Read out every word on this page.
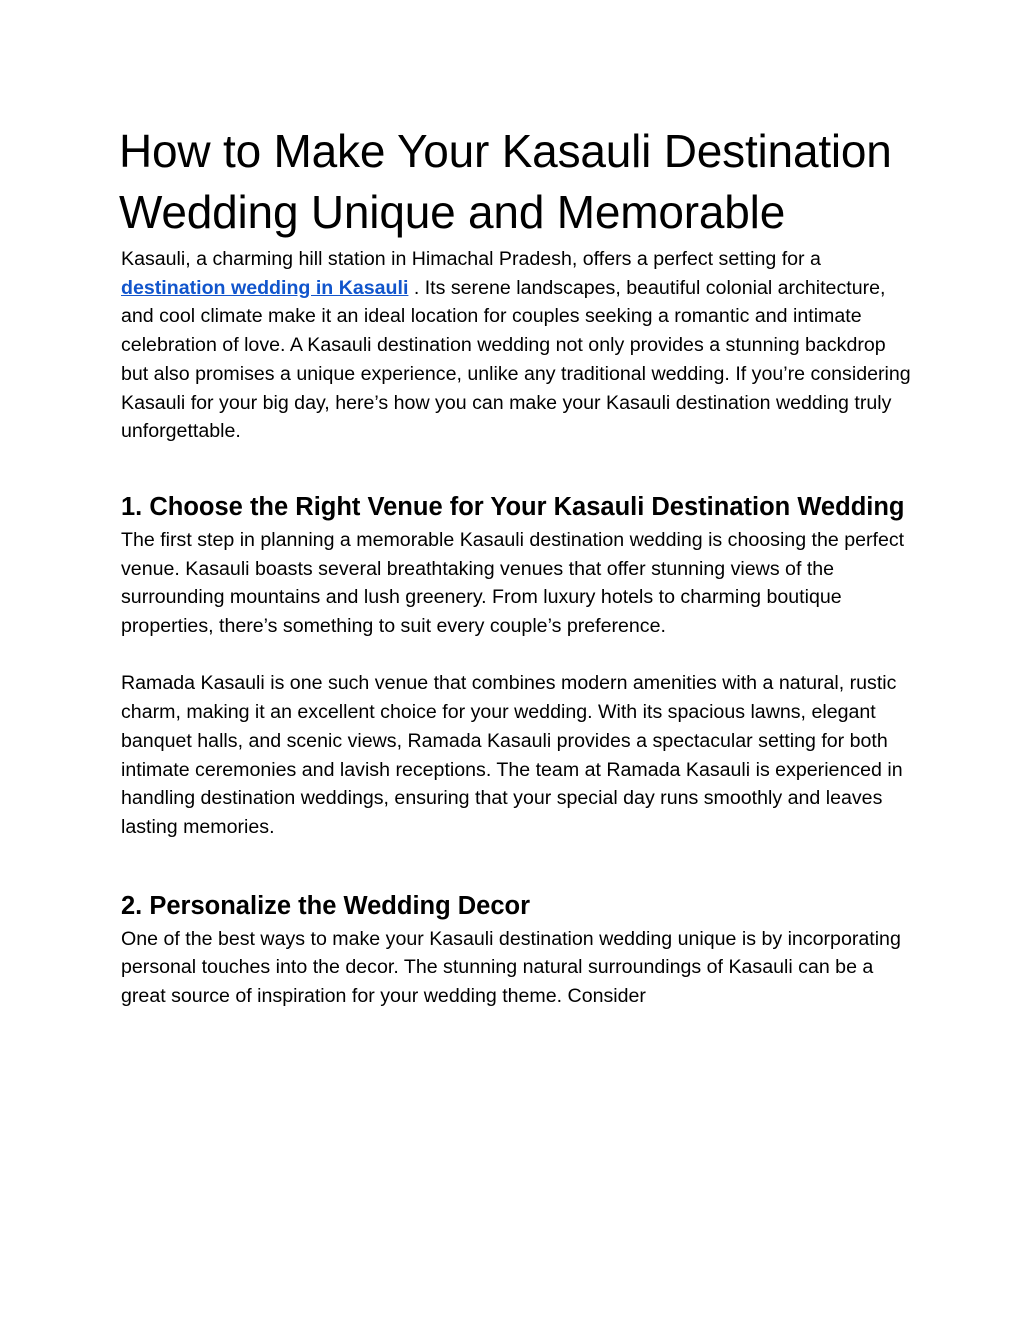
How to Make Your Kasauli Destination Wedding Unique and Memorable

Kasauli, a charming hill station in Himachal Pradesh, offers a perfect setting for a destination wedding in Kasauli . Its serene landscapes, beautiful colonial architecture, and cool climate make it an ideal location for couples seeking a romantic and intimate celebration of love. A Kasauli destination wedding not only provides a stunning backdrop but also promises a unique experience, unlike any traditional wedding. If you’re considering Kasauli for your big day, here’s how you can make your Kasauli destination wedding truly unforgettable.

1. Choose the Right Venue for Your Kasauli Destination Wedding

The first step in planning a memorable Kasauli destination wedding is choosing the perfect venue. Kasauli boasts several breathtaking venues that offer stunning views of the surrounding mountains and lush greenery. From luxury hotels to charming boutique properties, there’s something to suit every couple’s preference.

Ramada Kasauli is one such venue that combines modern amenities with a natural, rustic charm, making it an excellent choice for your wedding. With its spacious lawns, elegant banquet halls, and scenic views, Ramada Kasauli provides a spectacular setting for both intimate ceremonies and lavish receptions. The team at Ramada Kasauli is experienced in handling destination weddings, ensuring that your special day runs smoothly and leaves lasting memories.

2. Personalize the Wedding Decor

One of the best ways to make your Kasauli destination wedding unique is by incorporating personal touches into the decor. The stunning natural surroundings of Kasauli can be a great source of inspiration for your wedding theme. Consider
